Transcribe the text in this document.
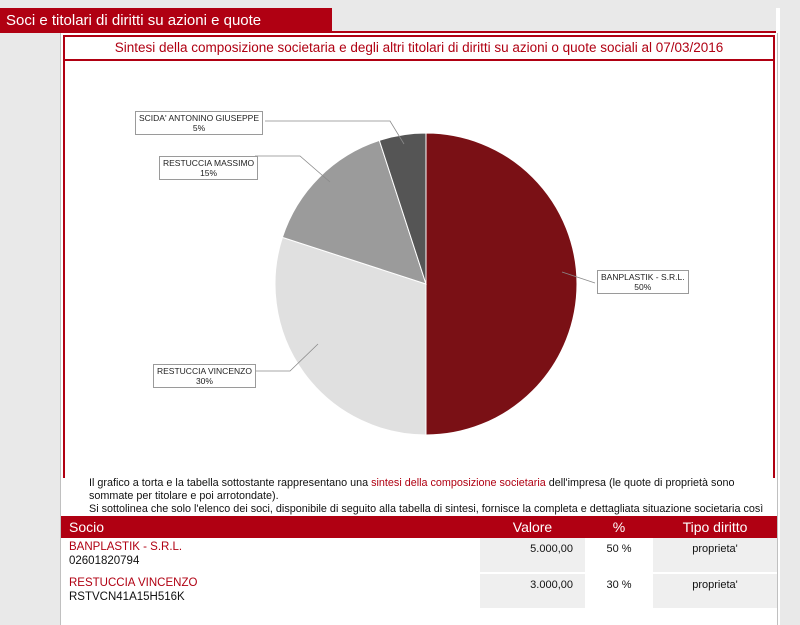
Soci e titolari di diritti su azioni e quote
Sintesi della composizione societaria e degli altri titolari di diritti su azioni o quote sociali al 07/03/2016
SCIDA' ANTONINO GIUSEPPE
5%
RESTUCCIA MASSIMO
15%
BANPLASTIK - S.R.L.
50%
RESTUCCIA VINCENZO
30%
Il grafico a torta e la tabella sottostante rappresentano una sintesi della composizione societaria dell'impresa (le quote di proprietà sono sommate per titolare e poi arrotondate).
Si sottolinea che solo l'elenco dei soci, disponibile di seguito alla tabella di sintesi, fornisce la completa e dettagliata situazione societaria così
Socio	Valore	%	Tipo diritto
BANPLASTIK - S.R.L.
02601820794
5.000,00	50 %	proprieta'
RESTUCCIA VINCENZO
RSTVCN41A15H516K
3.000,00	30 %	proprieta'
